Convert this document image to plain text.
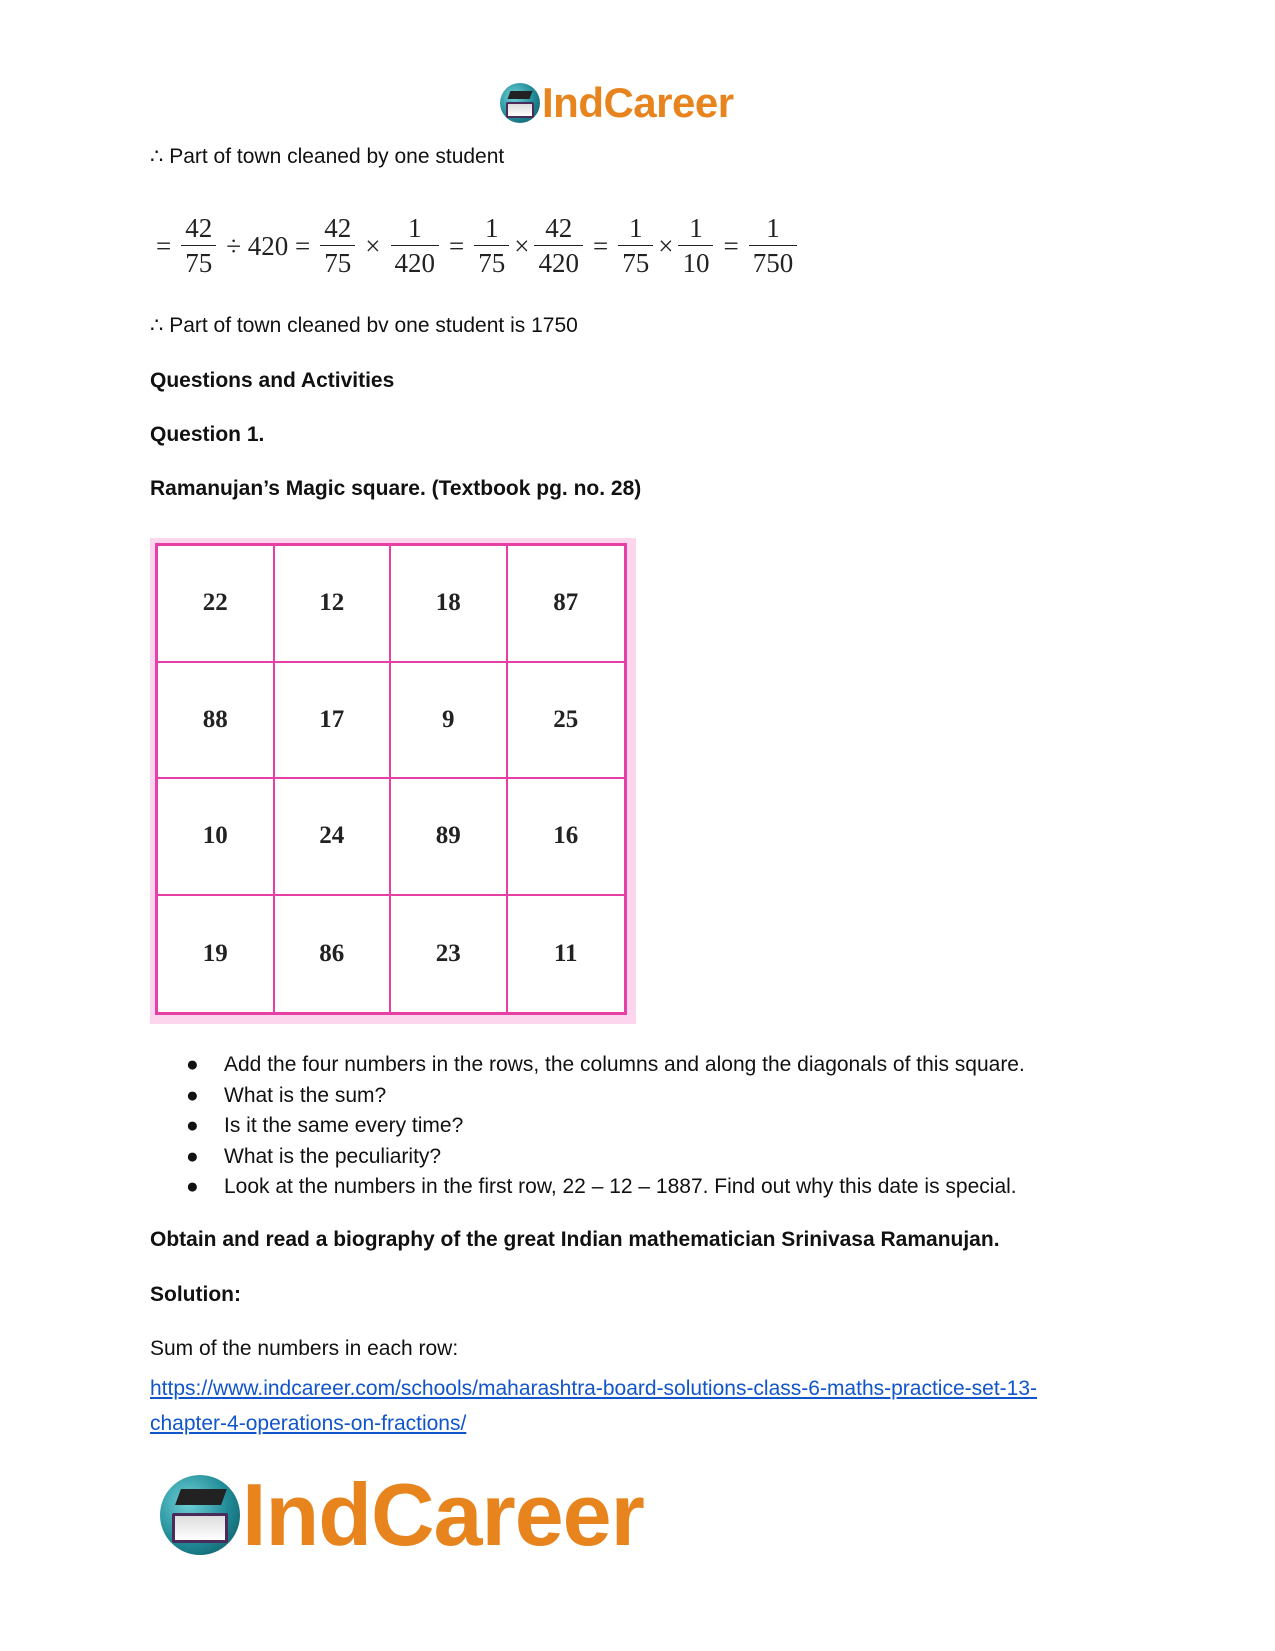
IndCareer
∴ Part of town cleaned by one student
= $\frac{42}{75} \div 420 = \frac{42}{75} \times \frac{1}{420} = \frac{1}{75} \times \frac{42}{420} = \frac{1}{75} \times \frac{1}{10} = \frac{1}{750}$
∴ Part of town cleaned bv one student is 1750
Questions and Activities
Question 1.
Ramanujan’s Magic square. (Textbook pg. no. 28)
22	12	18	87
88	17	9	25
10	24	89	16
19	86	23	11
● Add the four numbers in the rows, the columns and along the diagonals of this square.
● What is the sum?
● Is it the same every time?
● What is the peculiarity?
● Look at the numbers in the first row, 22 – 12 – 1887. Find out why this date is special.
Obtain and read a biography of the great Indian mathematician Srinivasa Ramanujan.
Solution:
Sum of the numbers in each row:
https://www.indcareer.com/schools/maharashtra-board-solutions-class-6-maths-practice-set-13-
chapter-4-operations-on-fractions/
IndCareer
